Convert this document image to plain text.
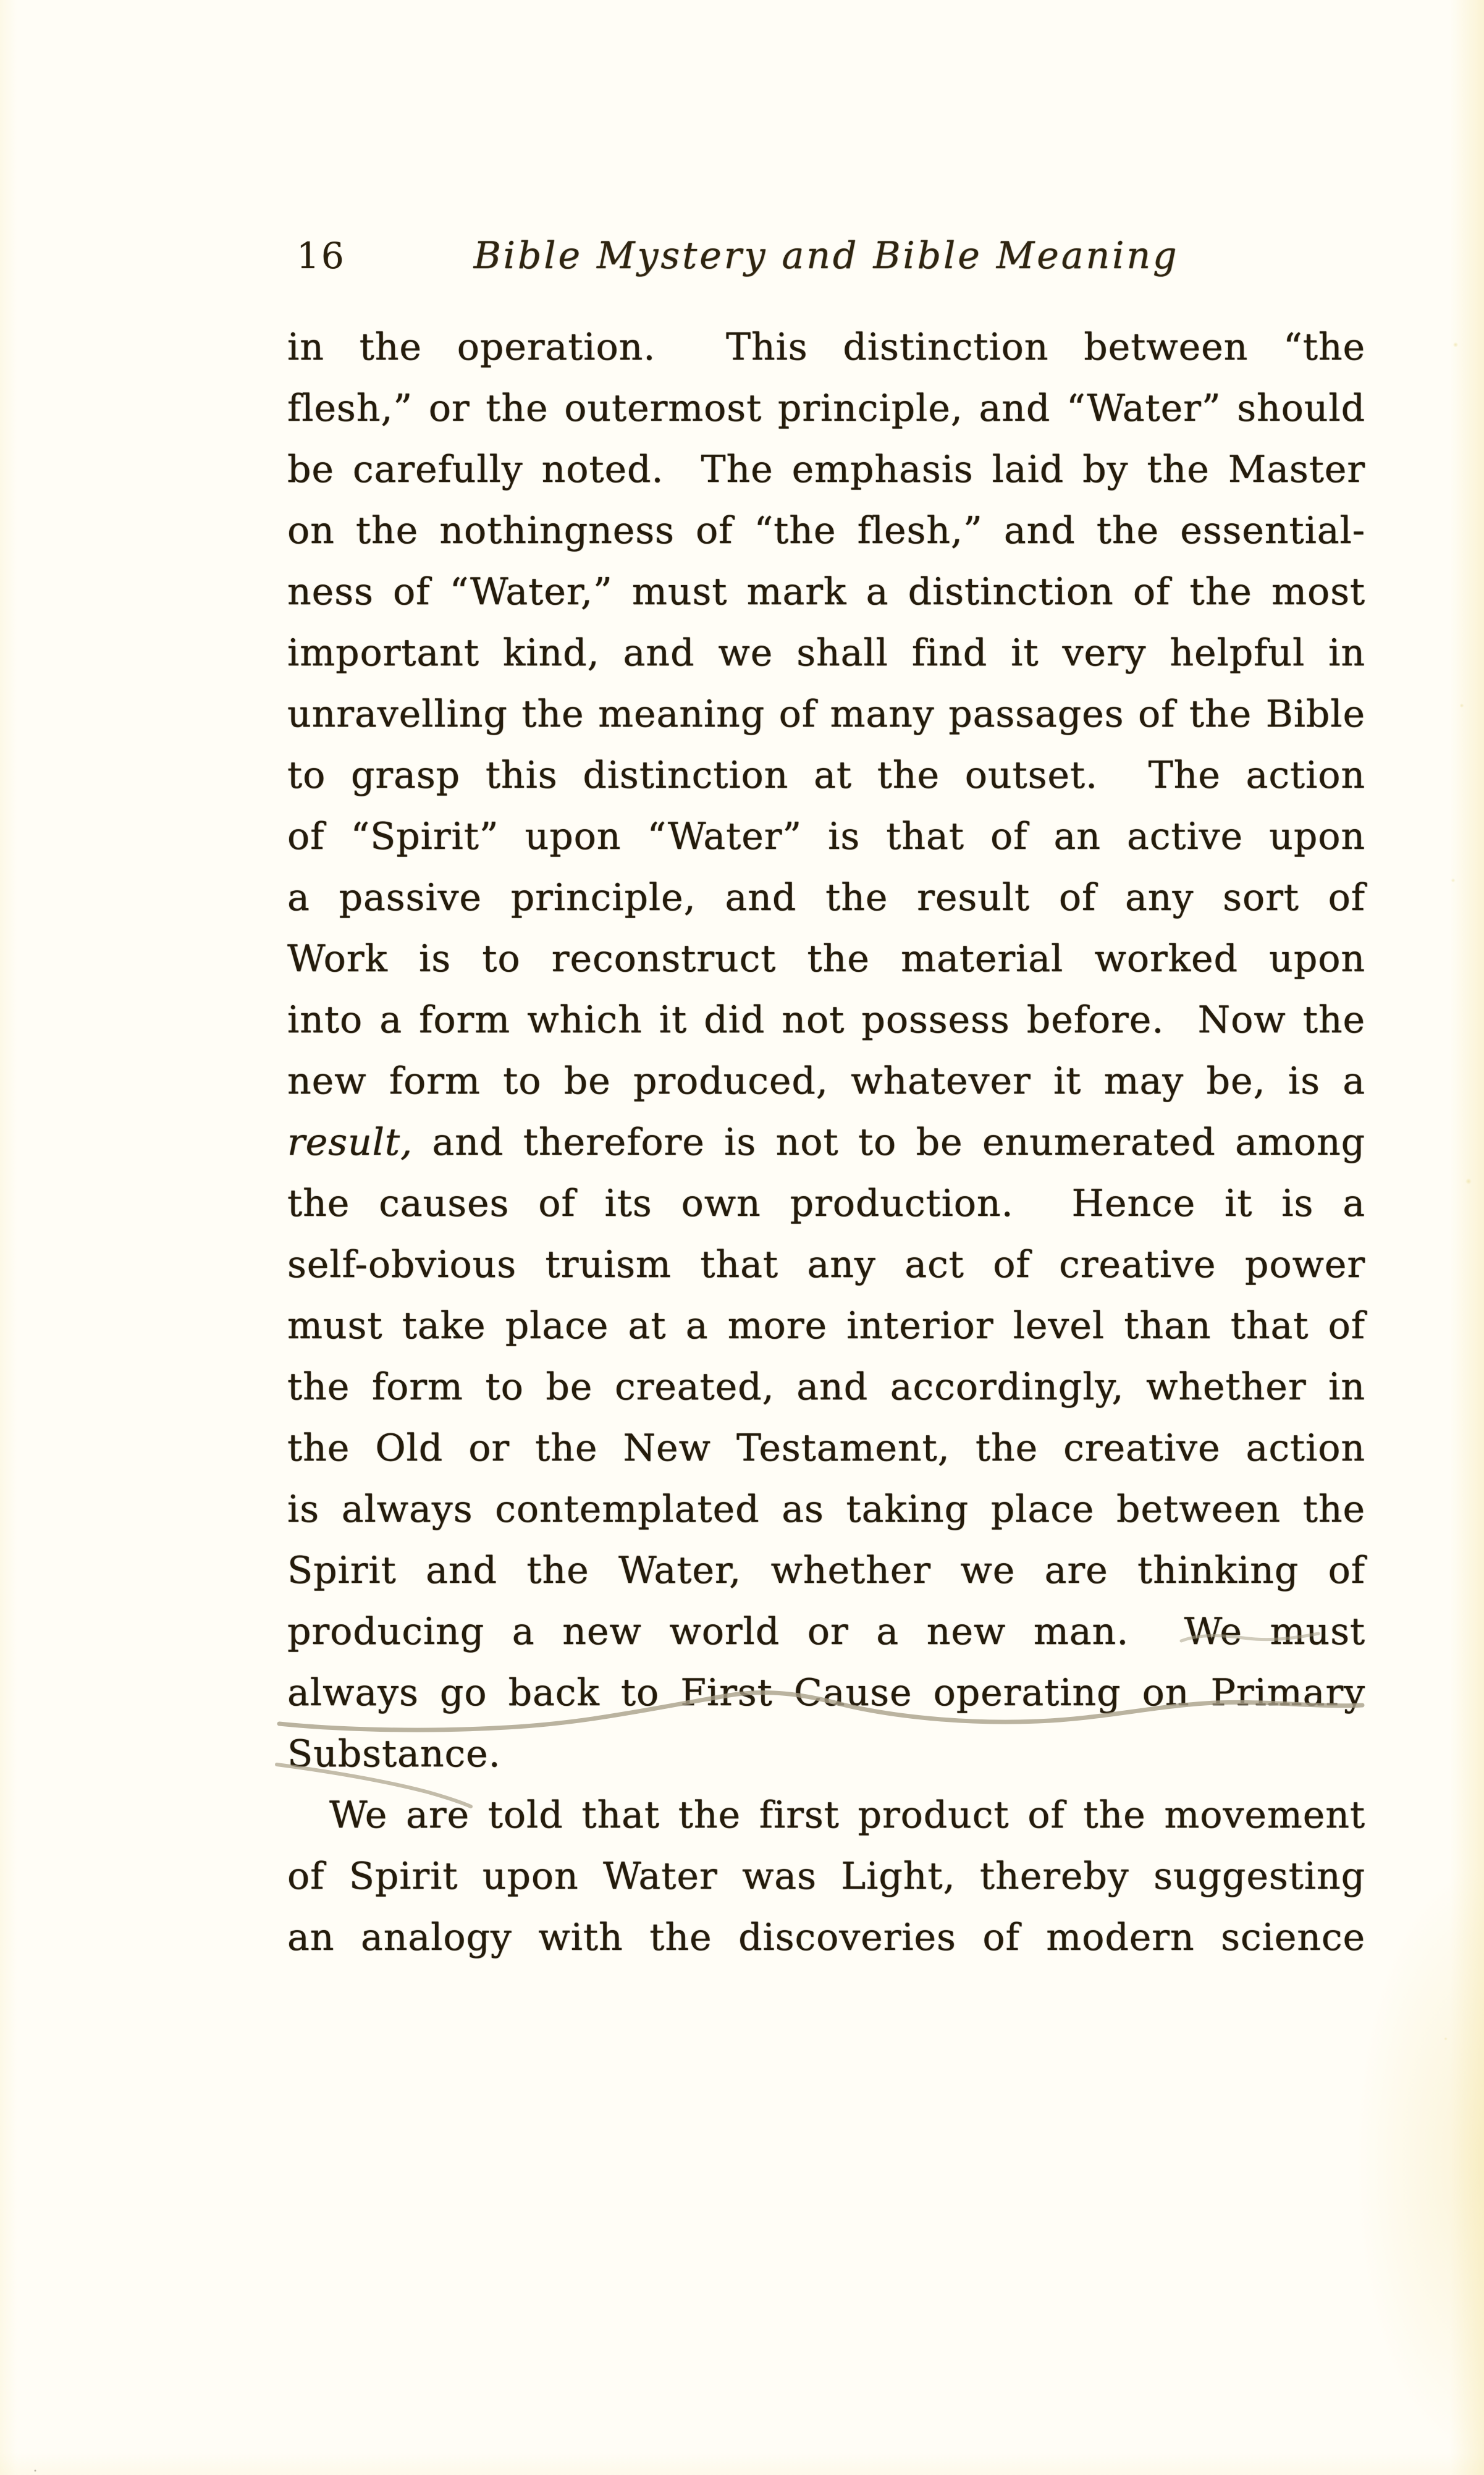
16	Bible Mystery and Bible Meaning
in the operation.  This distinction between “the
flesh,” or the outermost principle, and “Water” should
be carefully noted.  The emphasis laid by the Master
on the nothingness of “the flesh,” and the essential-
ness of “Water,” must mark a distinction of the most
important kind, and we shall find it very helpful in
unravelling the meaning of many passages of the Bible
to grasp this distinction at the outset.  The action
of “Spirit” upon “Water” is that of an active upon
a passive principle, and the result of any sort of
Work is to reconstruct the material worked upon
into a form which it did not possess before.  Now the
new form to be produced, whatever it may be, is a
result, and therefore is not to be enumerated among
the causes of its own production.  Hence it is a
self-obvious truism that any act of creative power
must take place at a more interior level than that of
the form to be created, and accordingly, whether in
the Old or the New Testament, the creative action
is always contemplated as taking place between the
Spirit and the Water, whether we are thinking of
producing a new world or a new man.  We must
always go back to First Cause operating on Primary
Substance.
We are told that the first product of the movement
of Spirit upon Water was Light, thereby suggesting
an analogy with the discoveries of modern science
